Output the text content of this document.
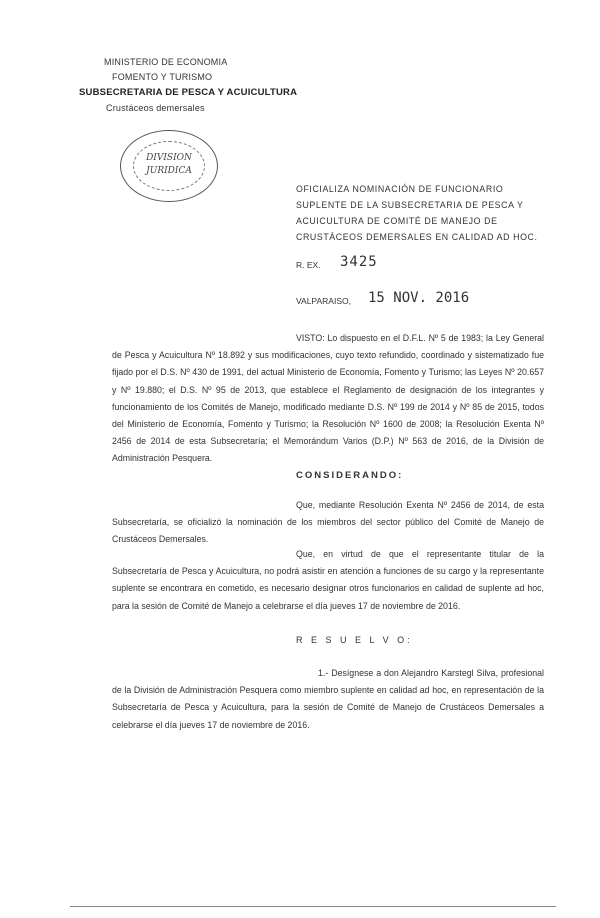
MINISTERIO DE ECONOMIA
FOMENTO Y TURISMO
SUBSECRETARIA DE PESCA Y ACUICULTURA
Crustáceos demersales
DIVISION
JURIDICA
OFICIALIZA NOMINACIÓN DE FUNCIONARIO SUPLENTE DE LA SUBSECRETARIA DE PESCA Y ACUICULTURA DE COMITÉ DE MANEJO DE CRUSTÁCEOS DEMERSALES EN CALIDAD AD HOC.
R. EX. 3425
VALPARAISO, 15 NOV. 2016
VISTO: Lo dispuesto en el D.F.L. Nº 5 de 1983; la Ley General de Pesca y Acuicultura Nº 18.892 y sus modificaciones, cuyo texto refundido, coordinado y sistematizado fue fijado por el D.S. Nº 430 de 1991, del actual Ministerio de Economía, Fomento y Turismo; las Leyes Nº 20.657 y Nº 19.880; el D.S. Nº 95 de 2013, que establece el Reglamento de designación de los integrantes y funcionamiento de los Comités de Manejo, modificado mediante D.S. Nº 199 de 2014 y Nº 85 de 2015, todos del Ministerio de Economía, Fomento y Turismo; la Resolución Nº 1600 de 2008; la Resolución Exenta Nº 2456 de 2014 de esta Subsecretaría; el Memorándum Varios (D.P.) Nº 563 de 2016, de la División de Administración Pesquera.
CONSIDERANDO:
Que, mediante Resolución Exenta Nº 2456 de 2014, de esta Subsecretaría, se oficializó la nominación de los miembros del sector público del Comité de Manejo de Crustáceos Demersales.
Que, en virtud de que el representante titular de la Subsecretaría de Pesca y Acuicultura, no podrá asistir en atención a funciones de su cargo y la representante suplente se encontrara en cometido, es necesario designar otros funcionarios en calidad de suplente ad hoc, para la sesión de Comité de Manejo a celebrarse el día jueves 17 de noviembre de 2016.
R E S U E L V O:
1.- Desígnese a don Alejandro Karstegl Silva, profesional de la División de Administración Pesquera como miembro suplente en calidad ad hoc, en representación de la Subsecretaría de Pesca y Acuicultura, para la sesión de Comité de Manejo de Crustáceos Demersales a celebrarse el día jueves 17 de noviembre de 2016.
